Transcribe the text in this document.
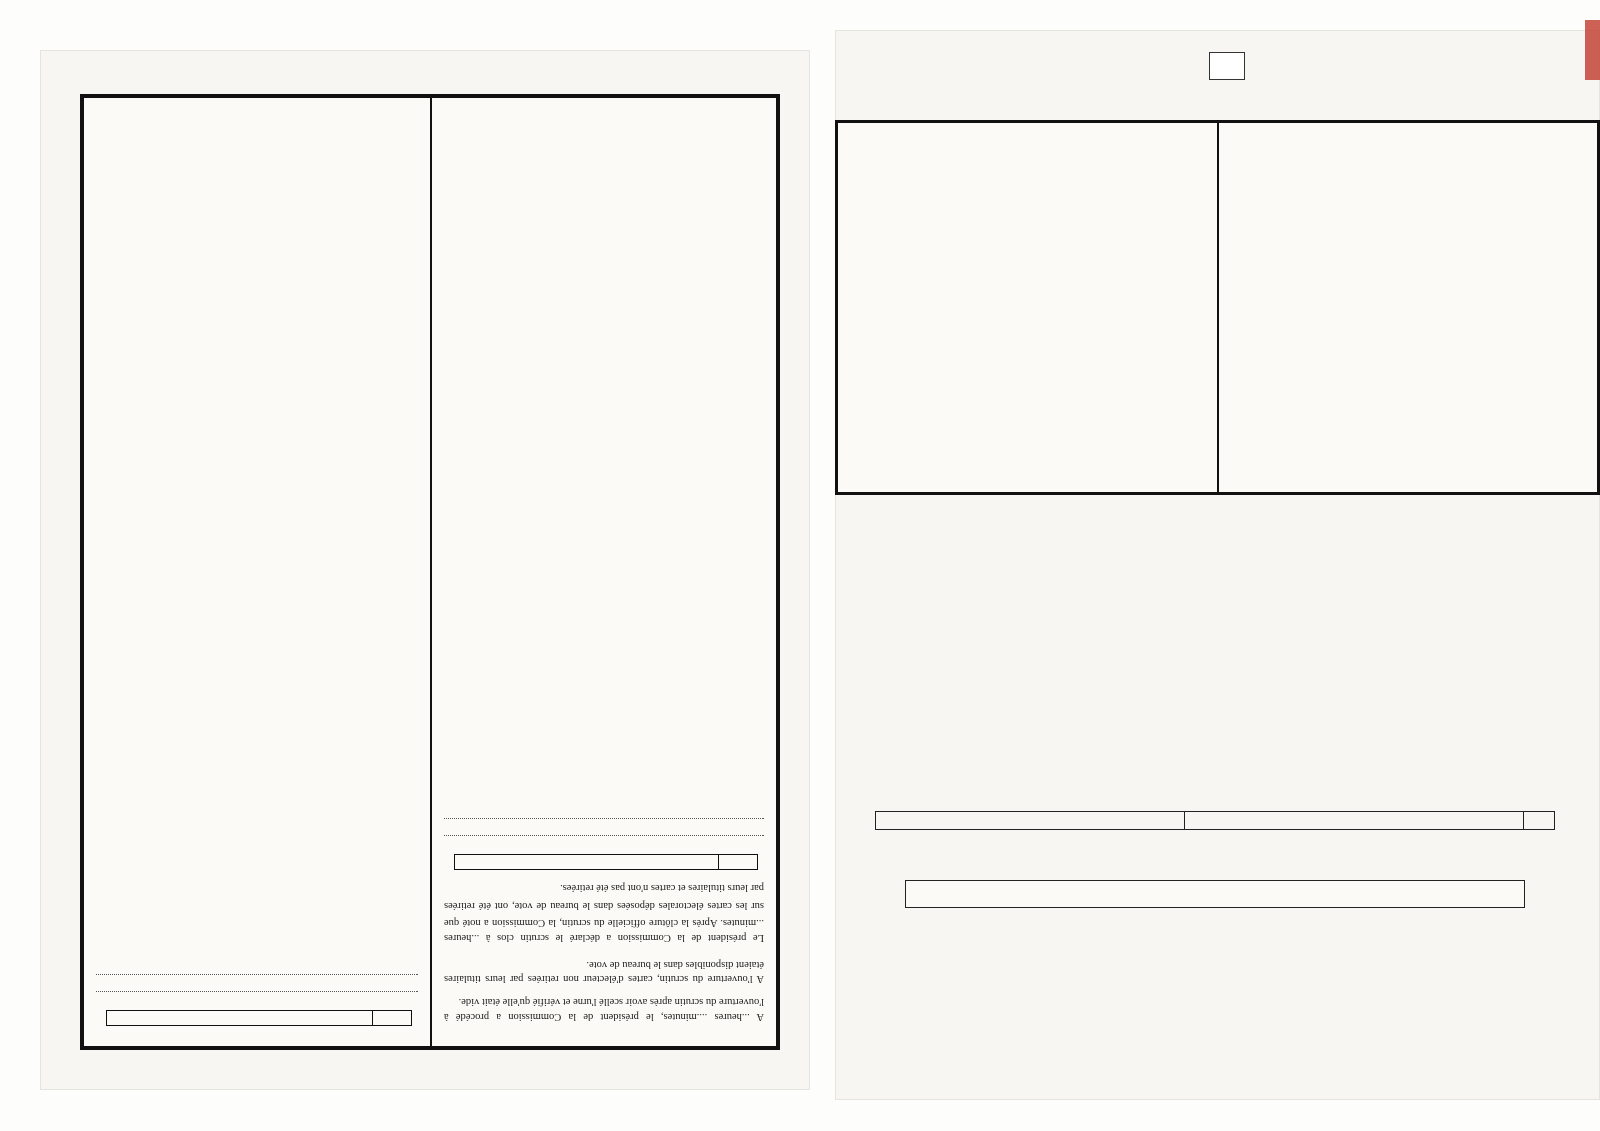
A ...heures ....minutes, le président de la Commission a procédé à l'ouverture du scrutin après avoir scellé l'urne et vérifié qu'elle était vide.
A l'ouverture du scrutin, cartes d'électeur non retirées par leurs titulaires étaient disponibles dans le bureau de vote.
Le président de la Commission a déclaré le scrutin clos à ...heures ...minutes. Après la clôture officielle du scrutin, la Commission a noté que sur les cartes électorales déposées dans le bureau de vote, ont été retirées par leurs titulaires et cartes n'ont pas été retirées.
